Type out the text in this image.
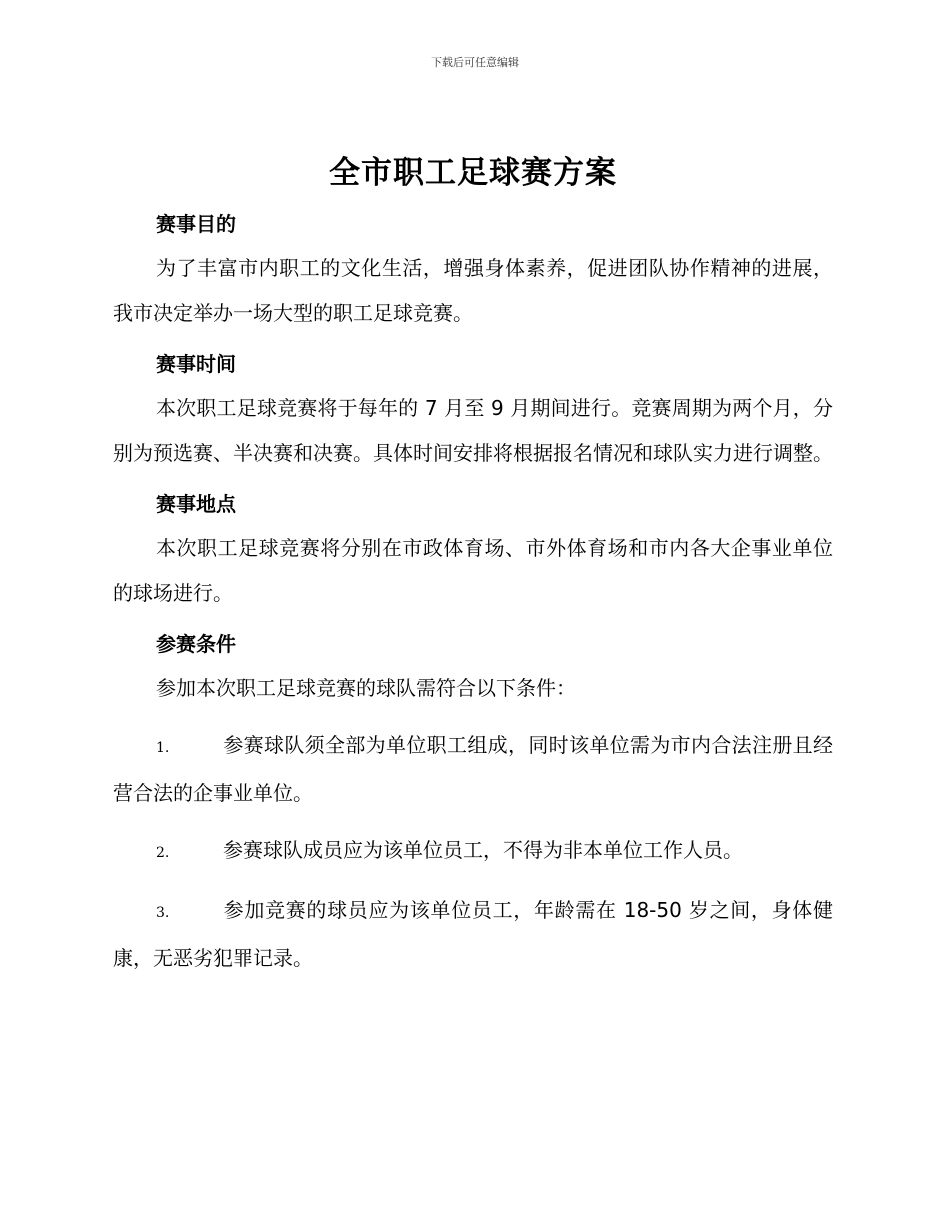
下载后可任意编辑
全市职工足球赛方案
赛事目的
为了丰富市内职工的文化生活，增强身体素养，促进团队协作精神的进展，我市决定举办一场大型的职工足球竞赛。
赛事时间
本次职工足球竞赛将于每年的 7 月至 9 月期间进行。竞赛周期为两个月，分别为预选赛、半决赛和决赛。具体时间安排将根据报名情况和球队实力进行调整。
赛事地点
本次职工足球竞赛将分别在市政体育场、市外体育场和市内各大企事业单位的球场进行。
参赛条件
参加本次职工足球竞赛的球队需符合以下条件：
1.	参赛球队须全部为单位职工组成，同时该单位需为市内合法注册且经营合法的企事业单位。
2.	参赛球队成员应为该单位员工，不得为非本单位工作人员。
3.	参加竞赛的球员应为该单位员工，年龄需在 18-50 岁之间，身体健康，无恶劣犯罪记录。
